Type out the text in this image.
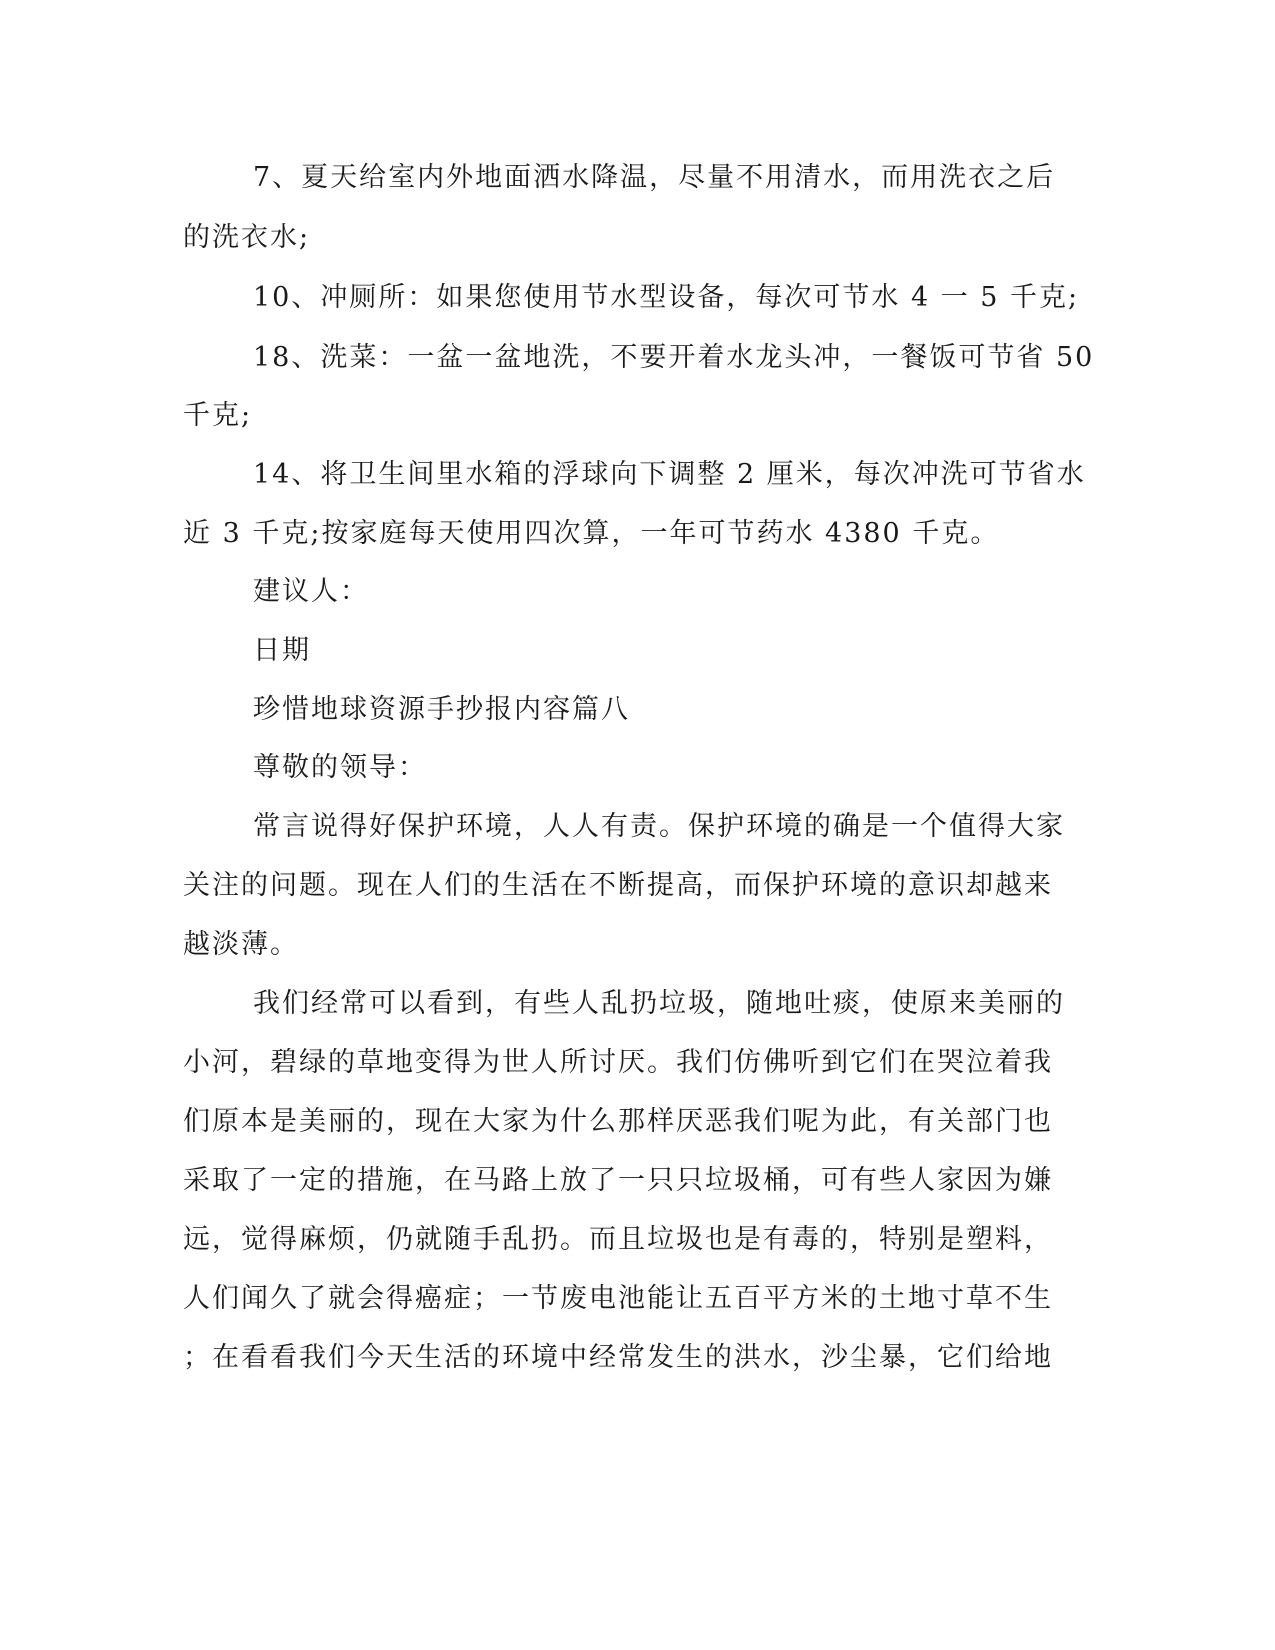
7、夏天给室内外地面洒水降温，尽量不用清水，而用洗衣之后
的洗衣水;
10、冲厕所：如果您使用节水型设备，每次可节水 4 一 5 千克;
18、洗菜：一盆一盆地洗，不要开着水龙头冲，一餐饭可节省 50
千克;
14、将卫生间里水箱的浮球向下调整 2 厘米，每次冲洗可节省水
近 3 千克;按家庭每天使用四次算，一年可节药水 4380 千克。
建议人：
日期
珍惜地球资源手抄报内容篇八
尊敬的领导：
常言说得好保护环境，人人有责。保护环境的确是一个值得大家
关注的问题。现在人们的生活在不断提高，而保护环境的意识却越来
越淡薄。
我们经常可以看到，有些人乱扔垃圾，随地吐痰，使原来美丽的
小河，碧绿的草地变得为世人所讨厌。我们仿佛听到它们在哭泣着我
们原本是美丽的，现在大家为什么那样厌恶我们呢为此，有关部门也
采取了一定的措施，在马路上放了一只只垃圾桶，可有些人家因为嫌
远，觉得麻烦，仍就随手乱扔。而且垃圾也是有毒的，特别是塑料，
人们闻久了就会得癌症；一节废电池能让五百平方米的土地寸草不生
；在看看我们今天生活的环境中经常发生的洪水，沙尘暴，它们给地
